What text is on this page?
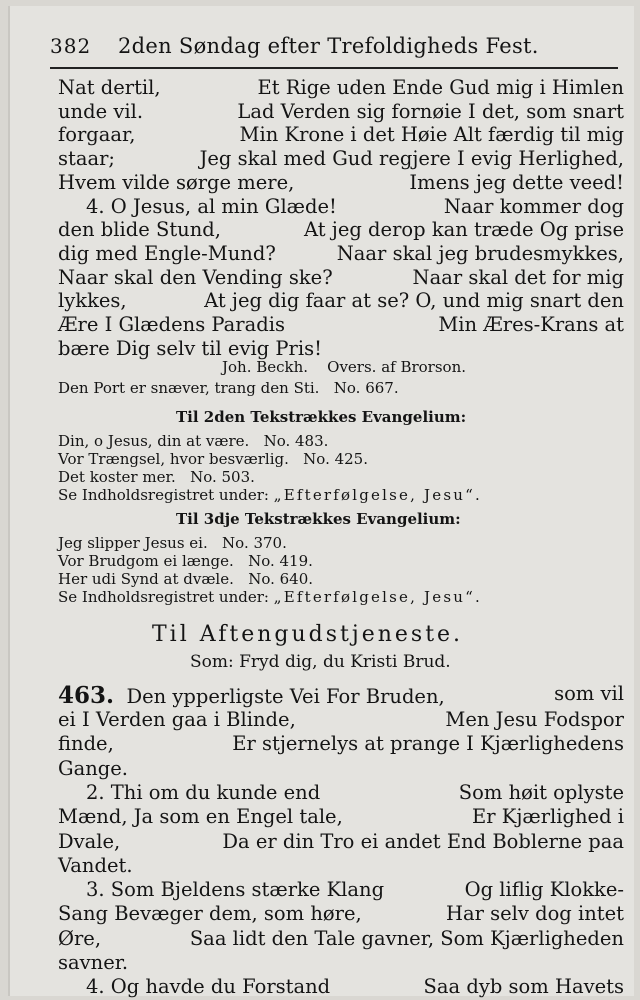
382 2den Søndag efter Trefoldigheds Fest.
Nat dertil,	Et Rige uden Ende Gud mig i Himlen
unde vil.	Lad Verden sig fornøie I det, som snart
forgaar,	Min Krone i det Høie Alt færdig til mig
staar;	Jeg skal med Gud regjere I evig Herlighed,
Hvem vilde sørge mere,	Imens jeg dette veed!
4. O Jesus, al min Glæde!	Naar kommer dog
den blide Stund,	At jeg derop kan træde Og prise
dig med Engle-Mund?	Naar skal jeg brudesmykkes,
Naar skal den Vending ske?	Naar skal det for mig
lykkes,	At jeg dig faar at se? O, und mig snart den
Ære I Glædens Paradis	Min Æres-Krans at
bære Dig selv til evig Pris!
Joh. Beckh. Overs. af Brorson.
Den Port er snæver, trang den Sti. No. 667.
Til 2den Tekstrækkes Evangelium:
Din, o Jesus, din at være. No. 483.
Vor Trængsel, hvor besværlig. No. 425.
Det koster mer. No. 503.
Se Indholdsregistret under: „Efterfølgelse, Jesu“.
Til 3dje Tekstrækkes Evangelium:
Jeg slipper Jesus ei. No. 370.
Vor Brudgom ei længe. No. 419.
Her udi Synd at dvæle. No. 640.
Se Indholdsregistret under: „Efterfølgelse, Jesu“.
Til Aftengudstjeneste.
Som: Fryd dig, du Kristi Brud.
463. Den ypperligste Vei For Bruden,	som vil
ei I Verden gaa i Blinde,	Men Jesu Fodspor
finde,	Er stjernelys at prange I Kjærlighedens
Gange.
2. Thi om du kunde end	Som høit oplyste
Mænd, Ja som en Engel tale,	Er Kjærlighed i
Dvale,	Da er din Tro ei andet End Boblerne paa
Vandet.
3. Som Bjeldens stærke Klang	Og liflig Klokke-
Sang Bevæger dem, som høre,	Har selv dog intet
Øre,	Saa lidt den Tale gavner, Som Kjærligheden
savner.
4. Og havde du Forstand	Saa dyb som Havets
